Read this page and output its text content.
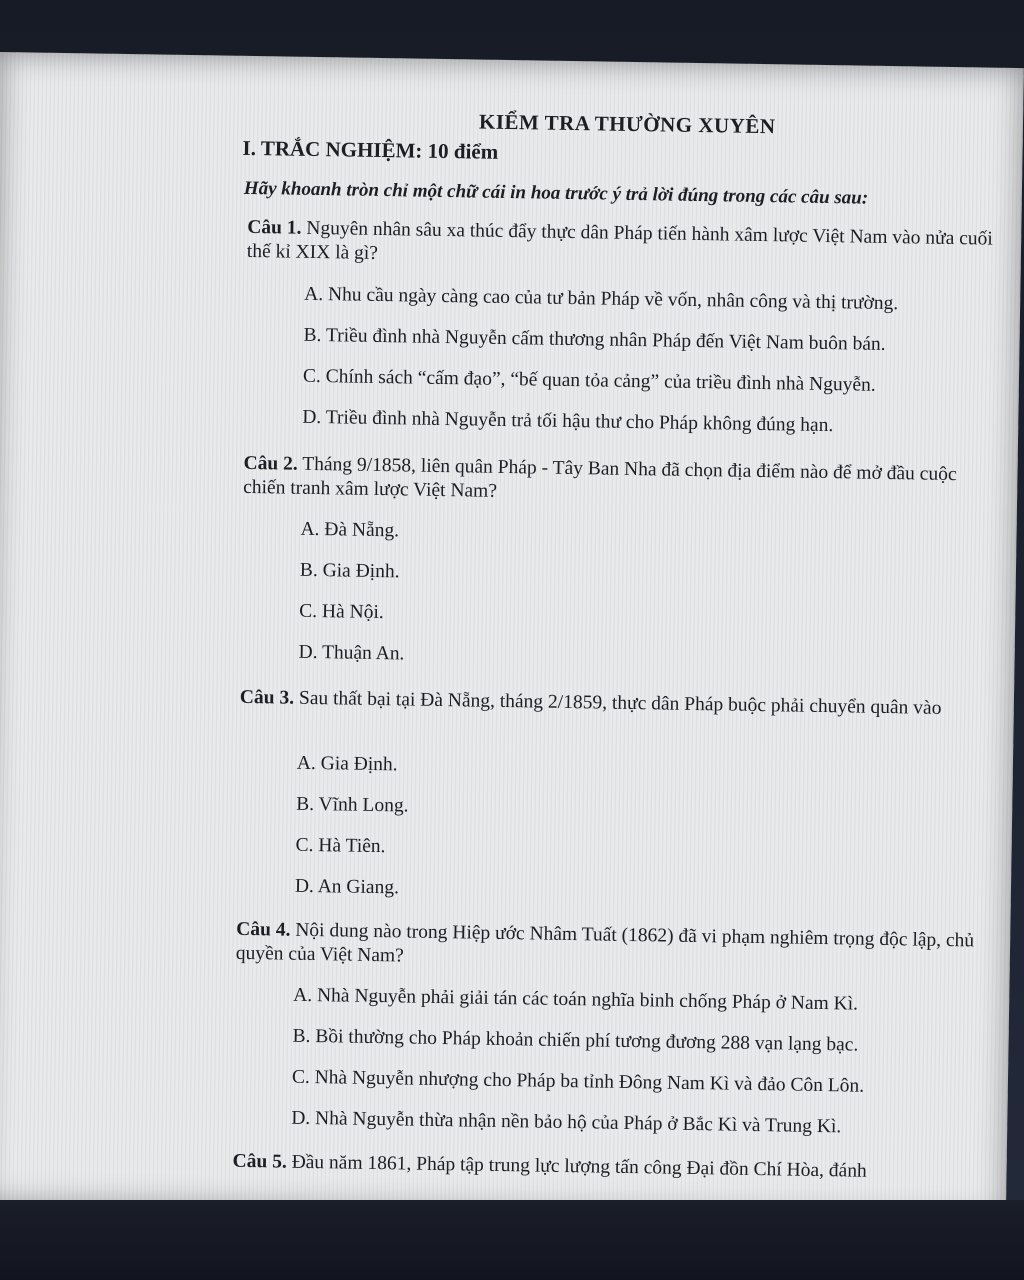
KIỂM TRA THƯỜNG XUYÊN
I. TRẮC NGHIỆM: 10 điểm
Hãy khoanh tròn chỉ một chữ cái in hoa trước ý trả lời đúng trong các câu sau:
Câu 1. Nguyên nhân sâu xa thúc đẩy thực dân Pháp tiến hành xâm lược Việt Nam vào nửa cuối thế kỉ XIX là gì?
A. Nhu cầu ngày càng cao của tư bản Pháp về vốn, nhân công và thị trường.
B. Triều đình nhà Nguyễn cấm thương nhân Pháp đến Việt Nam buôn bán.
C. Chính sách “cấm đạo”, “bế quan tỏa cảng” của triều đình nhà Nguyễn.
D. Triều đình nhà Nguyễn trả tối hậu thư cho Pháp không đúng hạn.
Câu 2. Tháng 9/1858, liên quân Pháp - Tây Ban Nha đã chọn địa điểm nào để mở đầu cuộc chiến tranh xâm lược Việt Nam?
A. Đà Nẵng.
B. Gia Định.
C. Hà Nội.
D. Thuận An.
Câu 3. Sau thất bại tại Đà Nẵng, tháng 2/1859, thực dân Pháp buộc phải chuyển quân vào
A. Gia Định.
B. Vĩnh Long.
C. Hà Tiên.
D. An Giang.
Câu 4. Nội dung nào trong Hiệp ước Nhâm Tuất (1862) đã vi phạm nghiêm trọng độc lập, chủ quyền của Việt Nam?
A. Nhà Nguyễn phải giải tán các toán nghĩa binh chống Pháp ở Nam Kì.
B. Bồi thường cho Pháp khoản chiến phí tương đương 288 vạn lạng bạc.
C. Nhà Nguyễn nhượng cho Pháp ba tỉnh Đông Nam Kì và đảo Côn Lôn.
D. Nhà Nguyễn thừa nhận nền bảo hộ của Pháp ở Bắc Kì và Trung Kì.
Câu 5. Đầu năm 1861, Pháp tập trung lực lượng tấn công Đại đồn Chí Hòa, đánh
